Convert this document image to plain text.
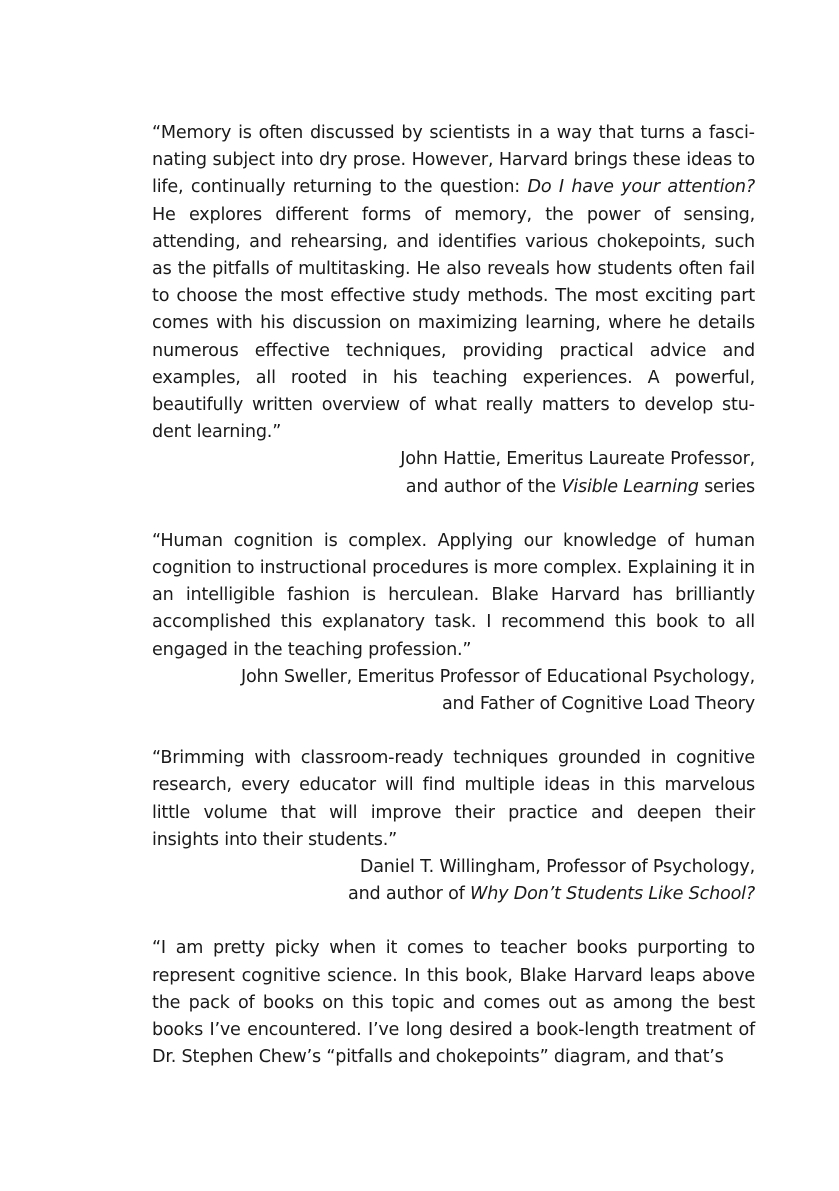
“Memory is often discussed by scientists in a way that turns a fascinating subject into dry prose. However, Harvard brings these ideas to life, continually returning to the question: Do I have your attention? He explores different forms of memory, the power of sensing, attending, and rehearsing, and identifies various chokepoints, such as the pitfalls of multitasking. He also reveals how students often fail to choose the most effective study methods. The most exciting part comes with his discussion on maximizing learning, where he details numerous effective techniques, providing practical advice and examples, all rooted in his teaching experiences. A powerful, beautifully written overview of what really matters to develop student learning.”

John Hattie, Emeritus Laureate Professor,
and author of the Visible Learning series

“Human cognition is complex. Applying our knowledge of human cognition to instructional procedures is more complex. Explaining it in an intelligible fashion is herculean. Blake Harvard has brilliantly accomplished this explanatory task. I recommend this book to all engaged in the teaching profession.”

John Sweller, Emeritus Professor of Educational Psychology,
and Father of Cognitive Load Theory

“Brimming with classroom-ready techniques grounded in cognitive research, every educator will find multiple ideas in this marvelous little volume that will improve their practice and deepen their insights into their students.”

Daniel T. Willingham, Professor of Psychology,
and author of Why Don’t Students Like School?

“I am pretty picky when it comes to teacher books purporting to represent cognitive science. In this book, Blake Harvard leaps above the pack of books on this topic and comes out as among the best books I’ve encountered. I’ve long desired a book-length treatment of Dr. Stephen Chew’s “pitfalls and chokepoints” diagram, and that’s
